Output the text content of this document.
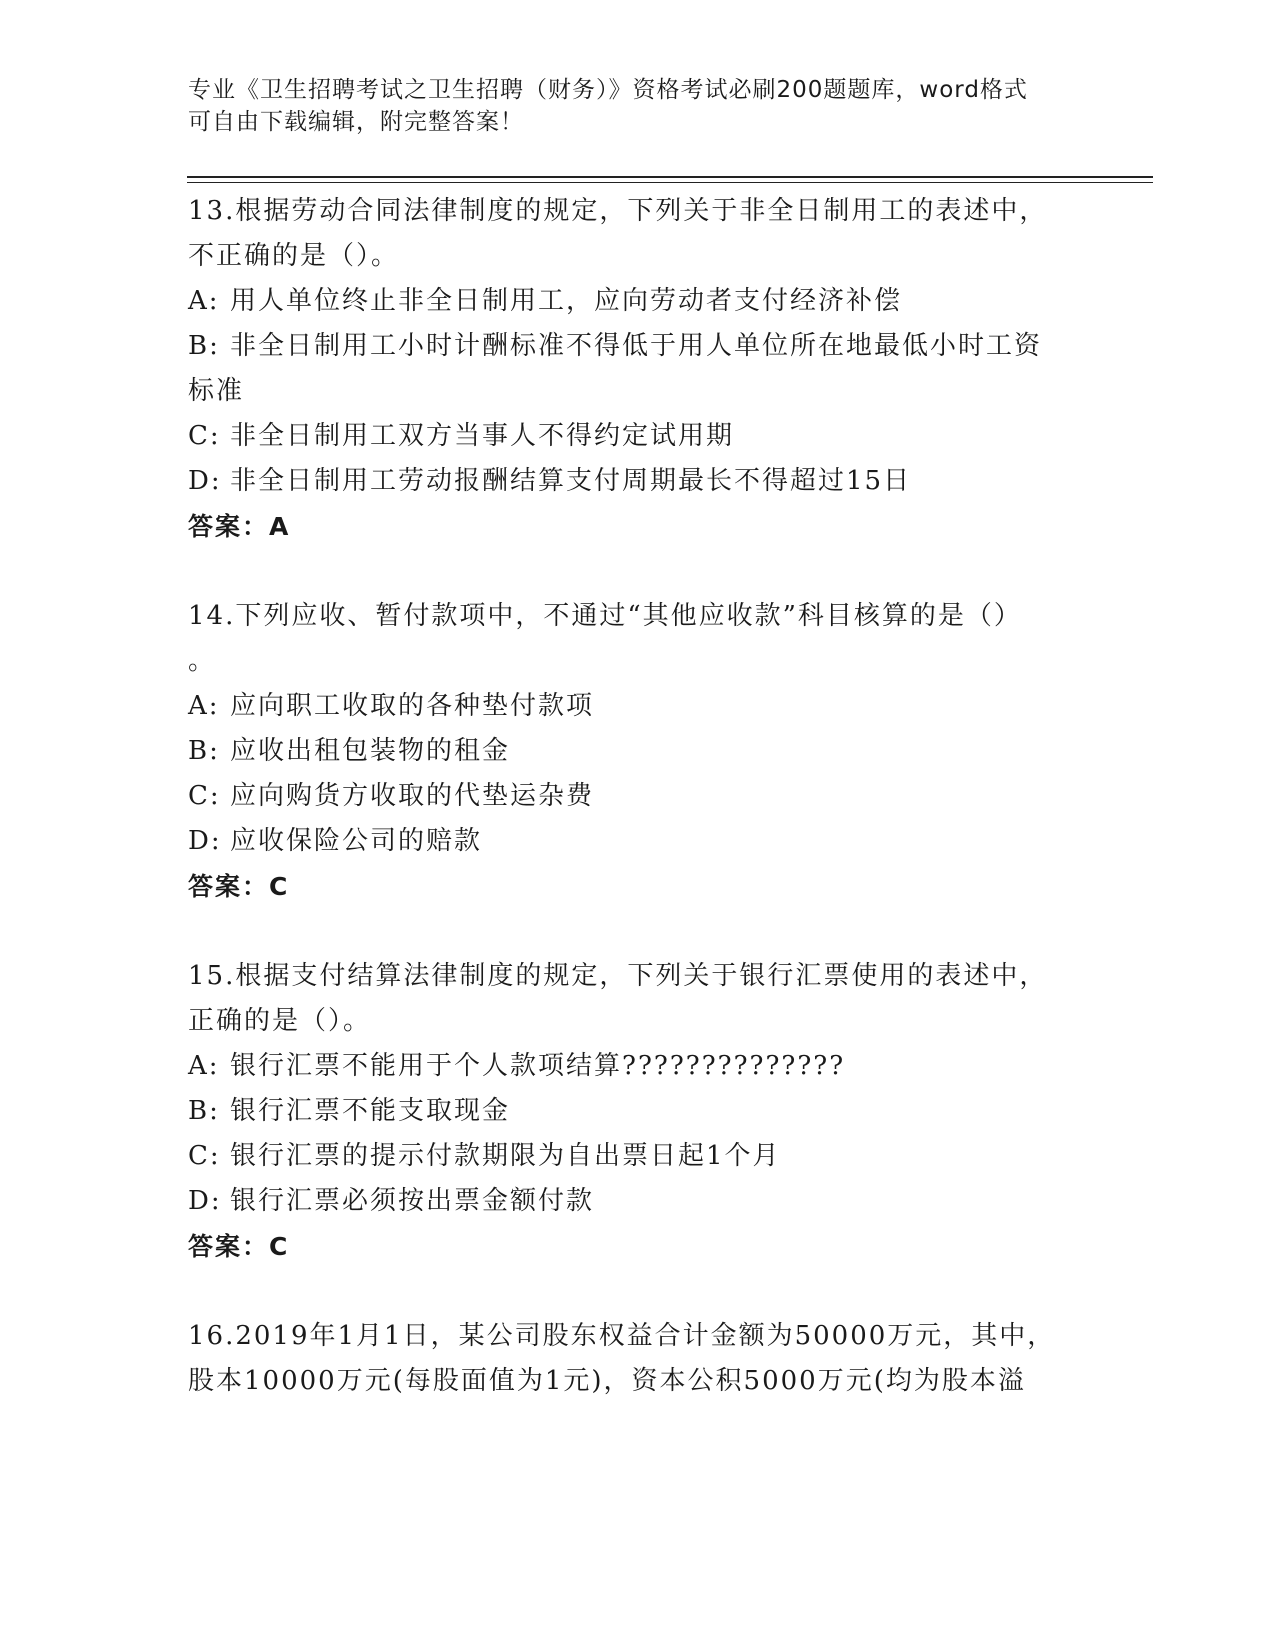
专业《卫生招聘考试之卫生招聘（财务）》资格考试必刷200题题库，word格式
可自由下载编辑，附完整答案！

13.根据劳动合同法律制度的规定，下列关于非全日制用工的表述中，

不正确的是（）。

A: 用人单位终止非全日制用工，应向劳动者支付经济补偿

B: 非全日制用工小时计酬标准不得低于用人单位所在地最低小时工资

标准

C: 非全日制用工双方当事人不得约定试用期

D: 非全日制用工劳动报酬结算支付周期最长不得超过15日

答案：A

14.下列应收、暂付款项中，不通过“其他应收款”科目核算的是（）

。

A: 应向职工收取的各种垫付款项

B: 应收出租包装物的租金

C: 应向购货方收取的代垫运杂费

D: 应收保险公司的赔款

答案：C

15.根据支付结算法律制度的规定，下列关于银行汇票使用的表述中，

正确的是（）。

A: 银行汇票不能用于个人款项结算??????????????

B: 银行汇票不能支取现金

C: 银行汇票的提示付款期限为自出票日起1个月

D: 银行汇票必须按出票金额付款

答案：C

16.2019年1月1日，某公司股东权益合计金额为50000万元，其中，

股本10000万元(每股面值为1元)，资本公积5000万元(均为股本溢
